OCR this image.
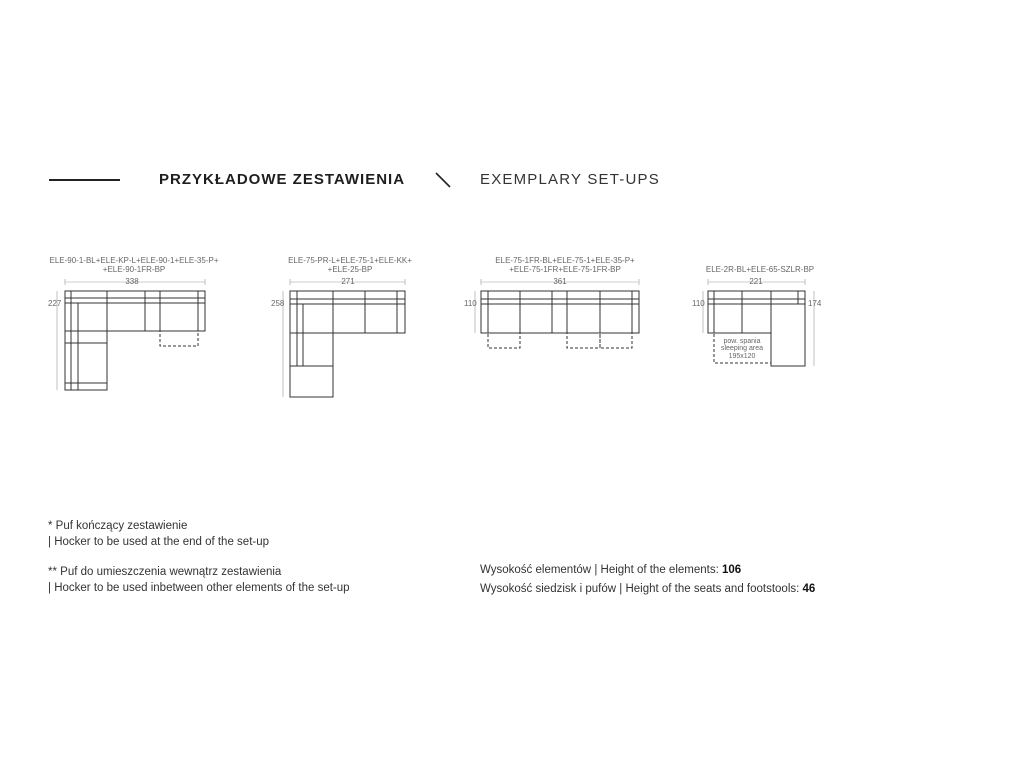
PRZYKŁADOWE ZESTAWIENIA	EXEMPLARY SET-UPS
ELE-90-1-BL+ELE-KP-L+ELE-90-1+ELE-35-P+
+ELE-90-1FR-BP
338
227
ELE-75-PR-L+ELE-75-1+ELE-KK+
+ELE-25-BP
271
258
ELE-75-1FR-BL+ELE-75-1+ELE-35-P+
+ELE-75-1FR+ELE-75-1FR-BP
361
110
ELE-2R-BL+ELE-65-SZLR-BP
221
110	174
pow. spania
sleeping area
195x120
* Puf kończący zestawienie
| Hocker to be used at the end of the set-up
** Puf do umieszczenia wewnątrz zestawienia
| Hocker to be used inbetween other elements of the set-up
Wysokość elementów | Height of the elements: 106
Wysokość siedzisk i pufów | Height of the seats and footstools: 46
